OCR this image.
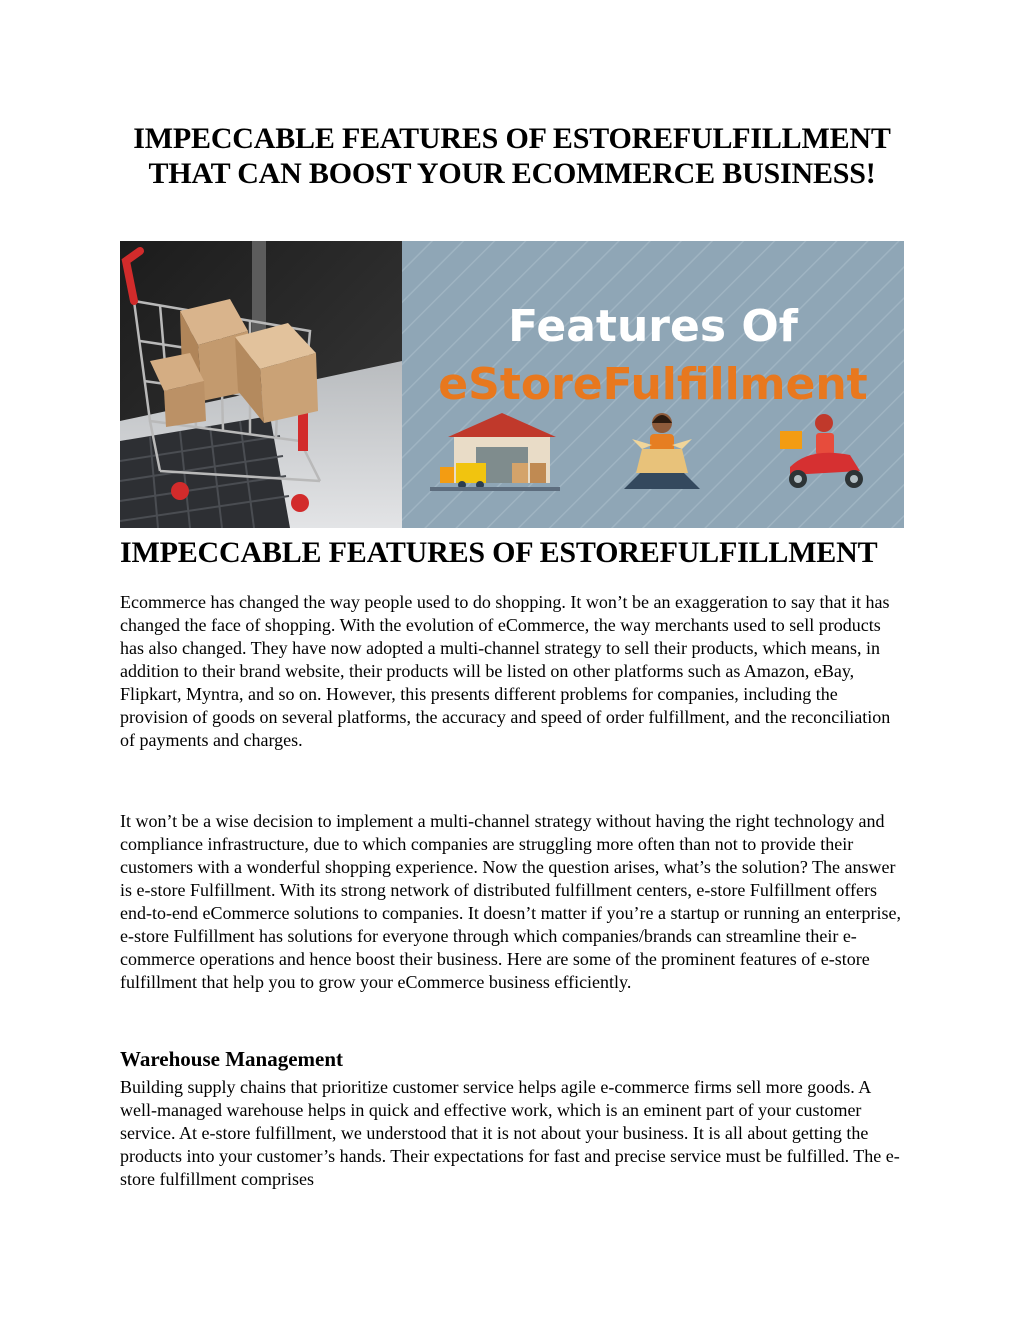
IMPECCABLE FEATURES OF ESTOREFULFILLMENT THAT CAN BOOST YOUR ECOMMERCE BUSINESS!
Features Of
eStoreFulfillment
IMPECCABLE FEATURES OF ESTOREFULFILLMENT

Ecommerce has changed the way people used to do shopping. It won’t be an exaggeration to say that it has changed the face of shopping. With the evolution of eCommerce, the way merchants used to sell products has also changed. They have now adopted a multi-channel strategy to sell their products, which means, in addition to their brand website, their products will be listed on other platforms such as Amazon, eBay, Flipkart, Myntra, and so on. However, this presents different problems for companies, including the provision of goods on several platforms, the accuracy and speed of order fulfillment, and the reconciliation of payments and charges.

It won’t be a wise decision to implement a multi-channel strategy without having the right technology and compliance infrastructure, due to which companies are struggling more often than not to provide their customers with a wonderful shopping experience. Now the question arises, what’s the solution? The answer is e-store Fulfillment. With its strong network of distributed fulfillment centers, e-store Fulfillment offers end-to-end eCommerce solutions to companies. It doesn’t matter if you’re a startup or running an enterprise, e-store Fulfillment has solutions for everyone through which companies/brands can streamline their e-commerce operations and hence boost their business. Here are some of the prominent features of e-store fulfillment that help you to grow your eCommerce business efficiently.

Warehouse Management

Building supply chains that prioritize customer service helps agile e-commerce firms sell more goods. A well-managed warehouse helps in quick and effective work, which is an eminent part of your customer service. At e-store fulfillment, we understood that it is not about your business. It is all about getting the products into your customer’s hands. Their expectations for fast and precise service must be fulfilled. The e-store fulfillment comprises
